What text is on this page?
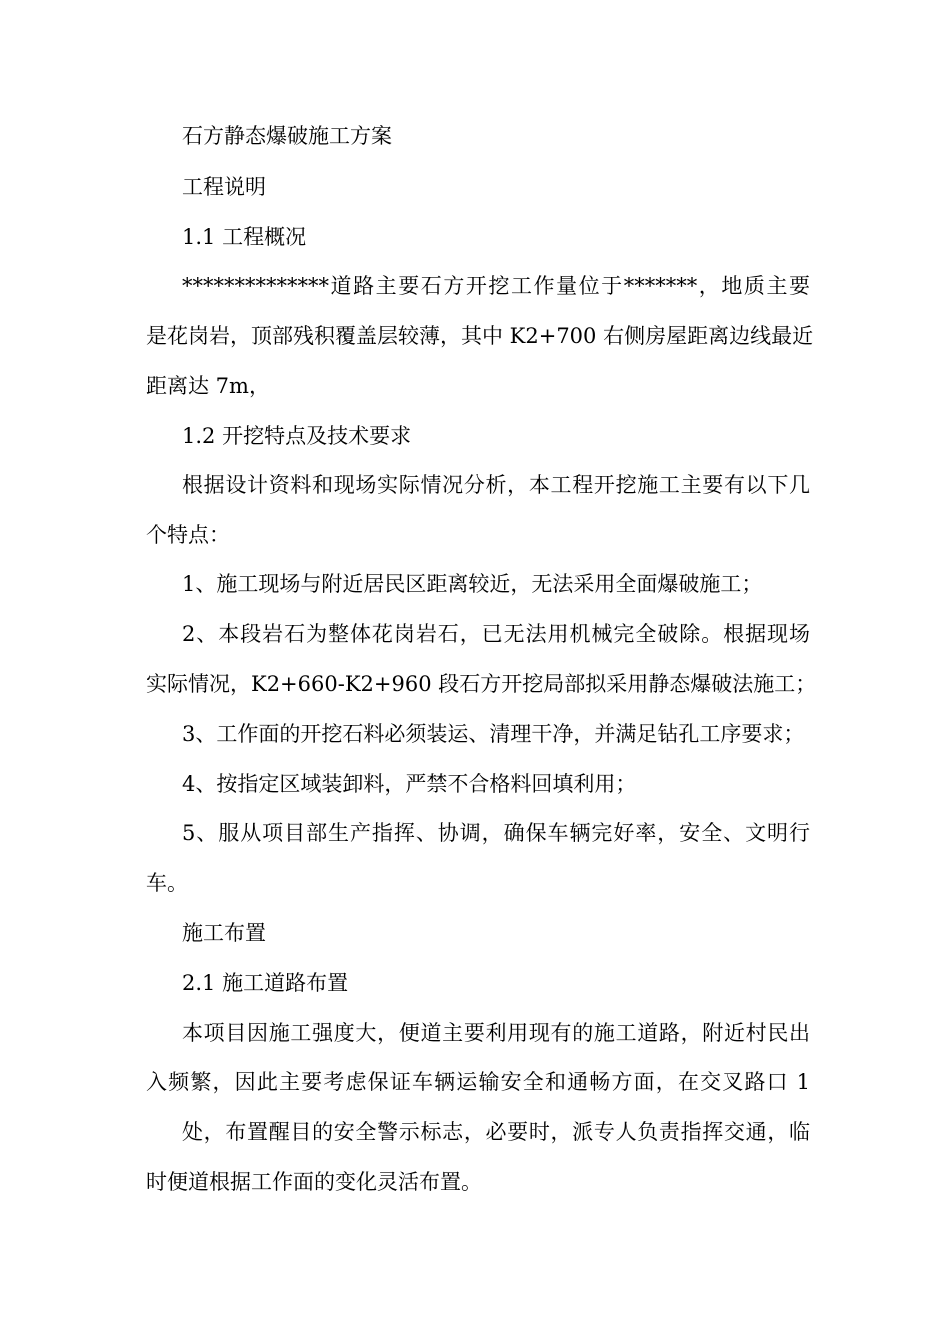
石方静态爆破施工方案
工程说明
1.1 工程概况
**************道路主要石方开挖工作量位于*******，地质主要
是花岗岩，顶部残积覆盖层较薄，其中 K2+700 右侧房屋距离边线最近
距离达 7m，
1.2 开挖特点及技术要求
根据设计资料和现场实际情况分析，本工程开挖施工主要有以下几
个特点：
1、施工现场与附近居民区距离较近，无法采用全面爆破施工；
2、本段岩石为整体花岗岩石，已无法用机械完全破除。根据现场
实际情况，K2+660-K2+960 段石方开挖局部拟采用静态爆破法施工；
3、工作面的开挖石料必须装运、清理干净，并满足钻孔工序要求；
4、按指定区域装卸料，严禁不合格料回填利用；
5、服从项目部生产指挥、协调，确保车辆完好率，安全、文明行
车。
施工布置
2.1 施工道路布置
本项目因施工强度大，便道主要利用现有的施工道路，附近村民出
入频繁，因此主要考虑保证车辆运输安全和通畅方面，在交叉路口 1
处，布置醒目的安全警示标志，必要时，派专人负责指挥交通，临
时便道根据工作面的变化灵活布置。
